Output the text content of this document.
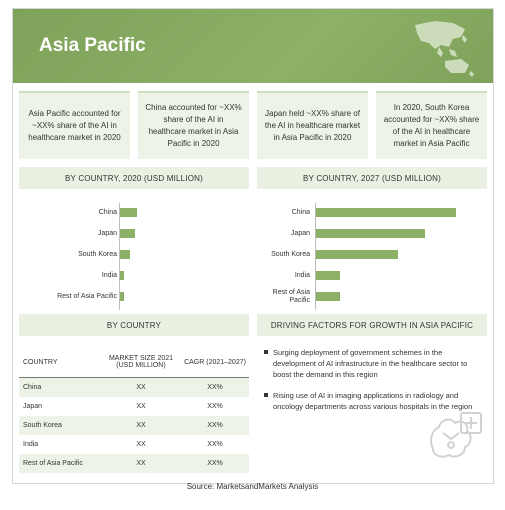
Asia Pacific
Asia Pacific accounted for ~XX% share of the AI in healthcare market in 2020
China accounted for ~XX% share of the AI in healthcare market in Asia Pacific in 2020
Japan held ~XX% share of the AI in healthcare market in Asia Pacific in 2020
In 2020, South Korea accounted for ~XX% share of the AI in healthcare market in Asia Pacific
BY COUNTRY, 2020 (USD MILLION)	BY COUNTRY, 2027 (USD MILLION)
BY COUNTRY	DRIVING FACTORS FOR GROWTH IN ASIA PACIFIC
COUNTRY	MARKET SIZE 2021 (USD MILLION)	CAGR (2021–2027)
China	XX	XX%
Japan	XX	XX%
South Korea	XX	XX%
India	XX	XX%
Rest of Asia Pacific	XX	XX%
Surging deployment of government schemes in the development of AI infrastructure in the healthcare sector to boost the demand in this region
Rising use of AI in imaging applications in radiology and oncology departments across various hospitals in the region
China
Japan
South Korea
India
Rest of Asia Pacific
China
Japan
South Korea
India
Rest of Asia Pacific
Source: MarketsandMarkets Analysis
